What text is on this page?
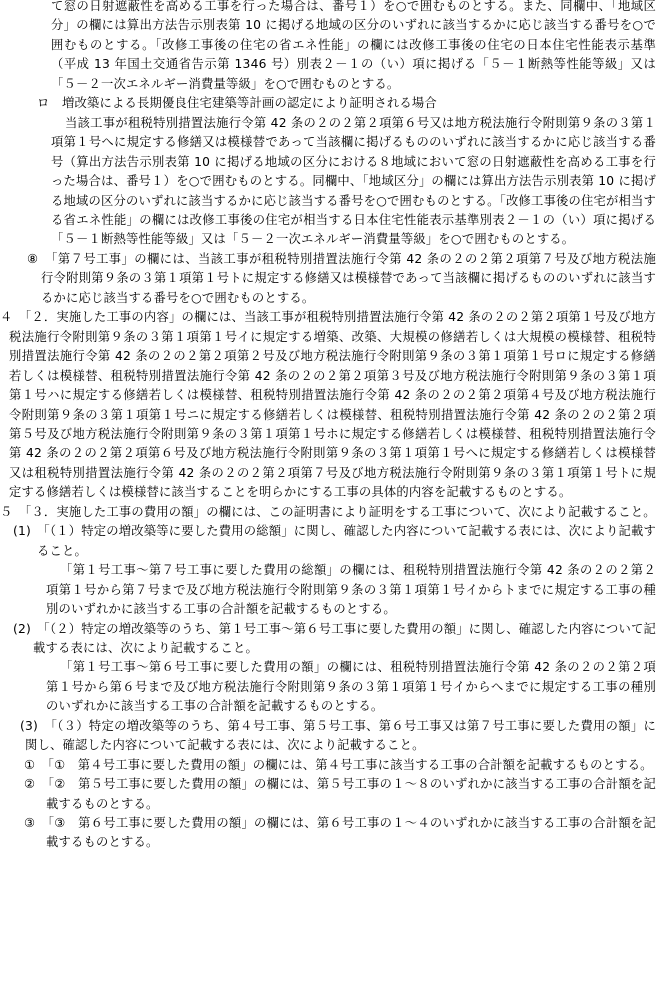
て窓の日射遮蔽性を高める工事を行った場合は、番号１）を○で囲むものとする。また、同欄中、「地域区分」の欄には算出方法告示別表第 10 に掲げる地域の区分のいずれに該当するかに応じ該当する番号を○で囲むものとする。「改修工事後の住宅の省エネ性能」の欄には改修工事後の住宅の日本住宅性能表示基準（平成 13 年国土交通省告示第 1346 号）別表２－１の（い）項に掲げる「５－１断熱等性能等級」又は「５－２一次エネルギー消費量等級」を○で囲むものとする。

ロ　増改築による長期優良住宅建築等計画の認定により証明される場合

当該工事が租税特別措置法施行令第 42 条の２の２第２項第６号又は地方税法施行令附則第９条の３第１項第１号へに規定する修繕又は模様替であって当該欄に掲げるもののいずれに該当するかに応じ該当する番号（算出方法告示別表第 10 に掲げる地域の区分における８地域において窓の日射遮蔽性を高める工事を行った場合は、番号１）を○で囲むものとする。同欄中、「地域区分」の欄には算出方法告示別表第 10 に掲げる地域の区分のいずれに該当するかに応じ該当する番号を○で囲むものとする。「改修工事後の住宅が相当する省エネ性能」の欄には改修工事後の住宅が相当する日本住宅性能表示基準別表２－１の（い）項に掲げる「５－１断熱等性能等級」又は「５－２一次エネルギー消費量等級」を○で囲むものとする。

⑧　「第７号工事」の欄には、当該工事が租税特別措置法施行令第 42 条の２の２第２項第７号及び地方税法施行令附則第９条の３第１項第１号トに規定する修繕又は模様替であって当該欄に掲げるもののいずれに該当するかに応じ該当する番号を○で囲むものとする。

４　「２．実施した工事の内容」の欄には、当該工事が租税特別措置法施行令第 42 条の２の２第２項第１号及び地方税法施行令附則第９条の３第１項第１号イに規定する増築、改築、大規模の修繕若しくは大規模の模様替、租税特別措置法施行令第 42 条の２の２第２項第２号及び地方税法施行令附則第９条の３第１項第１号ロに規定する修繕若しくは模様替、租税特別措置法施行令第 42 条の２の２第２項第３号及び地方税法施行令附則第９条の３第１項第１号ハに規定する修繕若しくは模様替、租税特別措置法施行令第 42 条の２の２第２項第４号及び地方税法施行令附則第９条の３第１項第１号ニに規定する修繕若しくは模様替、租税特別措置法施行令第 42 条の２の２第２項第５号及び地方税法施行令附則第９条の３第１項第１号ホに規定する修繕若しくは模様替、租税特別措置法施行令第 42 条の２の２第２項第６号及び地方税法施行令附則第９条の３第１項第１号へに規定する修繕若しくは模様替又は租税特別措置法施行令第 42 条の２の２第２項第７号及び地方税法施行令附則第９条の３第１項第１号トに規定する修繕若しくは模様替に該当することを明らかにする工事の具体的内容を記載するものとする。

５　「３．実施した工事の費用の額」の欄には、この証明書により証明をする工事について、次により記載すること。

(1)　「（１）特定の増改築等に要した費用の総額」に関し、確認した内容について記載する表には、次により記載すること。

「第１号工事～第７号工事に要した費用の総額」の欄には、租税特別措置法施行令第 42 条の２の２第２項第１号から第７号まで及び地方税法施行令附則第９条の３第１項第１号イからトまでに規定する工事の種別のいずれかに該当する工事の合計額を記載するものとする。

(2)　「（２）特定の増改築等のうち、第１号工事～第６号工事に要した費用の額」に関し、確認した内容について記載する表には、次により記載すること。

「第１号工事～第６号工事に要した費用の額」の欄には、租税特別措置法施行令第 42 条の２の２第２項第１号から第６号まで及び地方税法施行令附則第９条の３第１項第１号イからへまでに規定する工事の種別のいずれかに該当する工事の合計額を記載するものとする。

(3)　「（３）特定の増改築等のうち、第４号工事、第５号工事、第６号工事又は第７号工事に要した費用の額」に関し、確認した内容について記載する表には、次により記載すること。

①　「①　第４号工事に要した費用の額」の欄には、第４号工事に該当する工事の合計額を記載するものとする。

②　「②　第５号工事に要した費用の額」の欄には、第５号工事の１～８のいずれかに該当する工事の合計額を記載するものとする。

③　「③　第６号工事に要した費用の額」の欄には、第６号工事の１～４のいずれかに該当する工事の合計額を記載するものとする。
